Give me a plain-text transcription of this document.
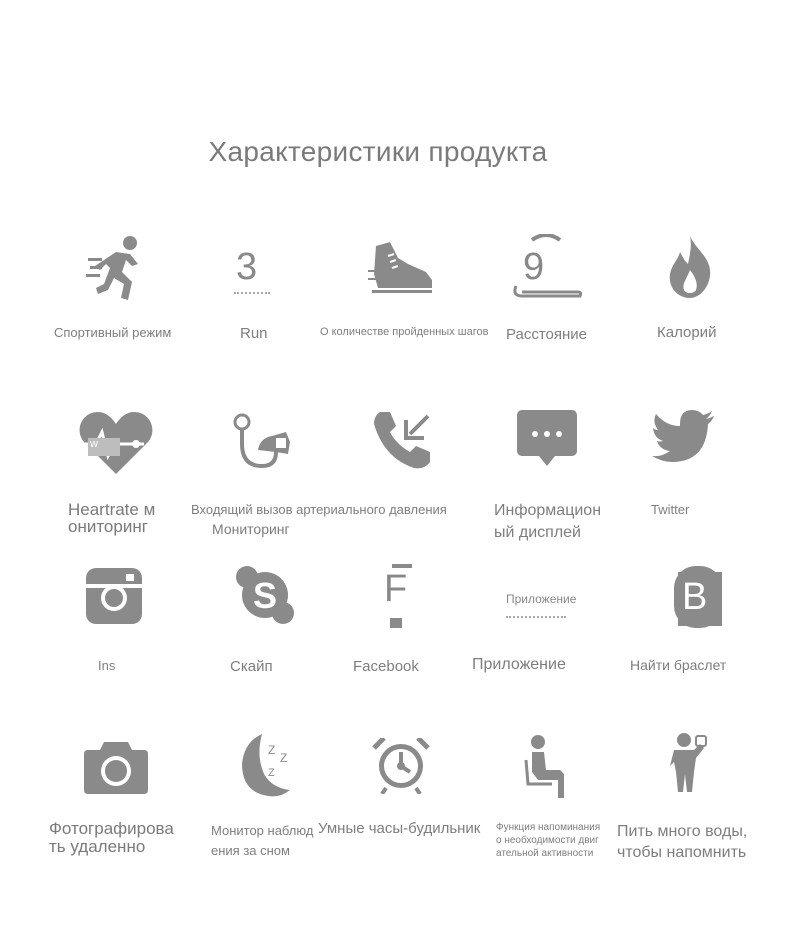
Характеристики продукта
Спортивный режим
3
Run	О количестве пройденных шагов
9
Расстояние	Калорий
w
Heartrate м
ониторинг
Входящий вызов артериального давления
Мониторинг
Информацион
ый дисплей
Twitter
Ins
S
Скайп
F
Facebook
Приложение
Приложение
B
Найти браслет
Фотографирова
ть удаленно
Z
Z
Z
Монитор наблюд
ения за сном
Умные часы-будильник Функция напоминания
о необходимости двиг
ательной активности
Пить много воды,
чтобы напомнить
